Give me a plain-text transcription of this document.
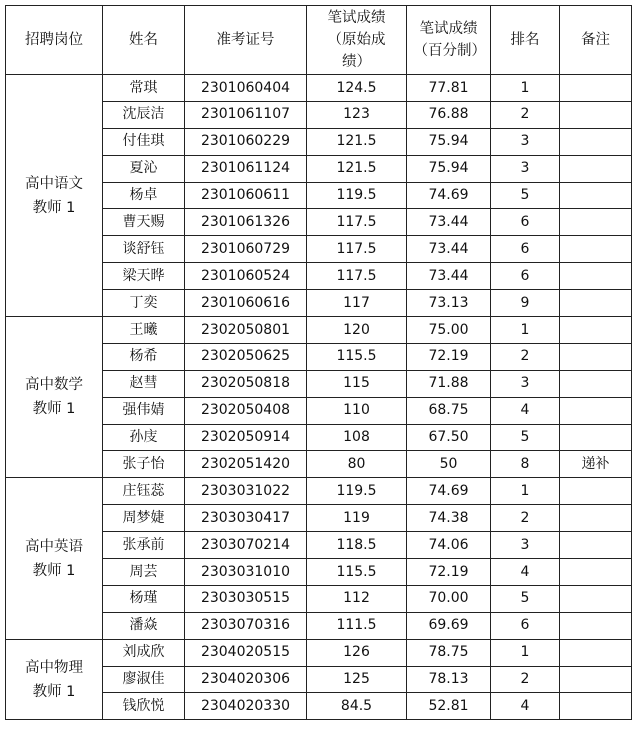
招聘岗位	姓名	准考证号	笔试成绩（原始成绩）	笔试成绩（百分制）	排名	备注

高中语文
教师 1	常琪	2301060404	124.5	77.81	1	
	沈辰洁	2301061107	123	76.88	2	
	付佳琪	2301060229	121.5	75.94	3	
	夏沁	2301061124	121.5	75.94	3	
	杨卓	2301060611	119.5	74.69	5	
	曹天赐	2301061326	117.5	73.44	6	
	谈舒钰	2301060729	117.5	73.44	6	
	梁天晔	2301060524	117.5	73.44	6	
	丁奕	2301060616	117	73.13	9	

高中数学
教师 1	王曦	2302050801	120	75.00	1	
	杨希	2302050625	115.5	72.19	2	
	赵彗	2302050818	115	71.88	3	
	强伟婧	2302050408	110	68.75	4	
	孙庋	2302050914	108	67.50	5	
	张子怡	2302051420	80	50	8	递补

高中英语
教师 1	庄钰蕊	2303031022	119.5	74.69	1	
	周梦婕	2303030417	119	74.38	2	
	张承前	2303070214	118.5	74.06	3	
	周芸	2303031010	115.5	72.19	4	
	杨瑾	2303030515	112	70.00	5	
	潘焱	2303070316	111.5	69.69	6	

高中物理
教师 1	刘成欣	2304020515	126	78.75	1	
	廖淑佳	2304020306	125	78.13	2	
	钱欣悦	2304020330	84.5	52.81	4	
